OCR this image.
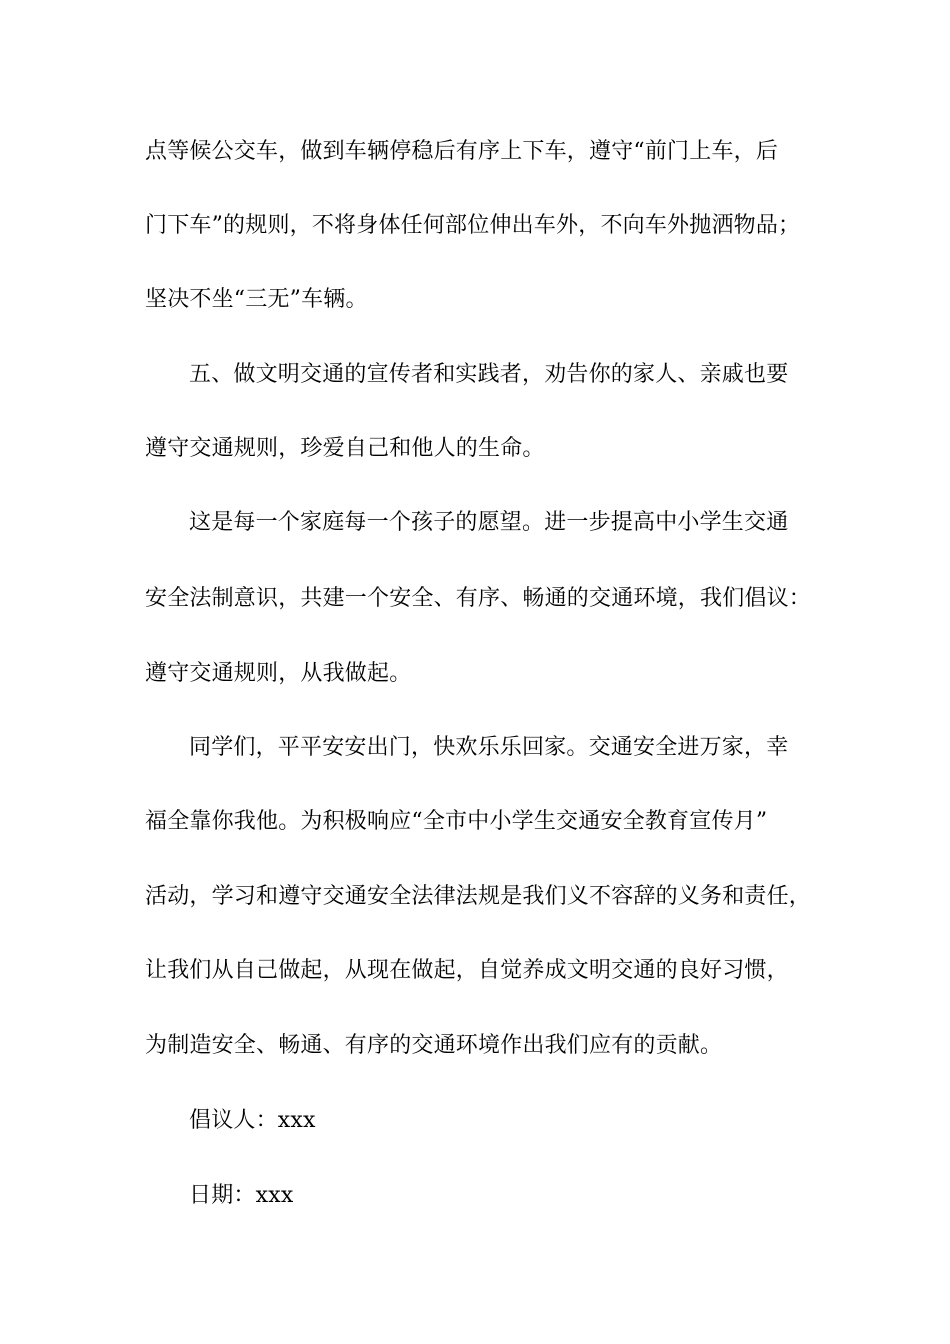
点等候公交车，做到车辆停稳后有序上下车，遵守“前门上车，后
门下车”的规则，不将身体任何部位伸出车外，不向车外抛洒物品；
坚决不坐“三无”车辆。
五、做文明交通的宣传者和实践者，劝告你的家人、亲戚也要
遵守交通规则，珍爱自己和他人的生命。
这是每一个家庭每一个孩子的愿望。进一步提高中小学生交通
安全法制意识，共建一个安全、有序、畅通的交通环境，我们倡议：
遵守交通规则，从我做起。
同学们，平平安安出门，快欢乐乐回家。交通安全进万家，幸
福全靠你我他。为积极响应“全市中小学生交通安全教育宣传月”
活动，学习和遵守交通安全法律法规是我们义不容辞的义务和责任，
让我们从自己做起，从现在做起，自觉养成文明交通的良好习惯，
为制造安全、畅通、有序的交通环境作出我们应有的贡献。
倡议人：xxx
日期：xxx
